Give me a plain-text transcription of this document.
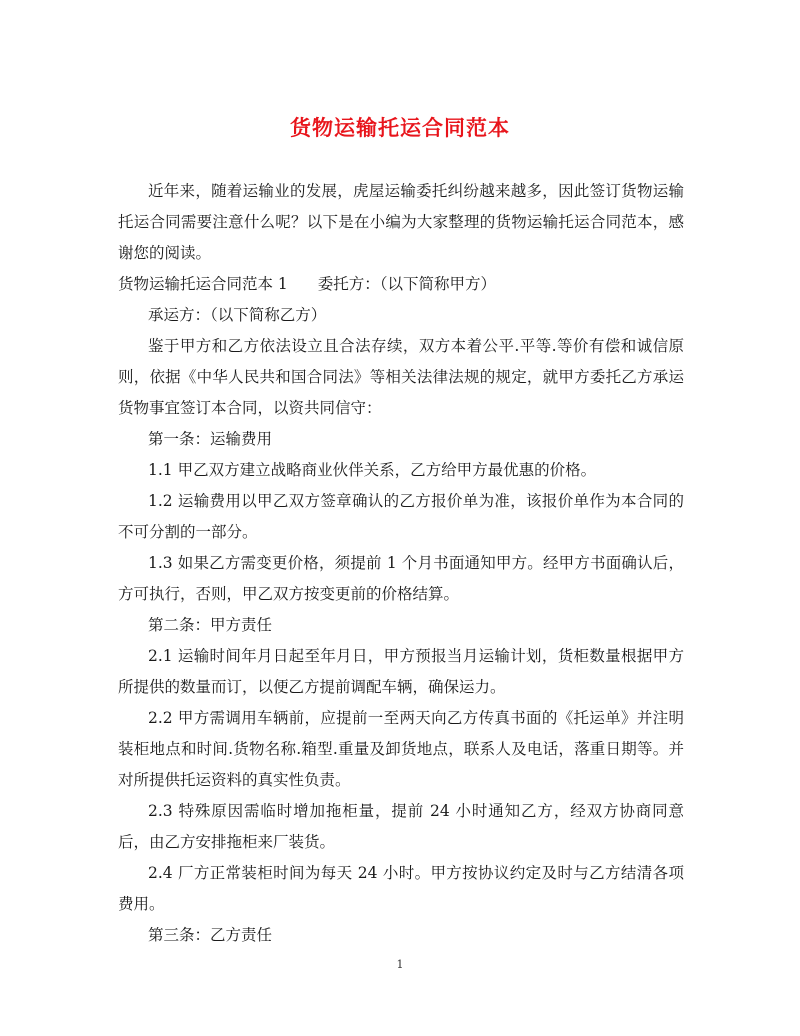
货物运输托运合同范本

近年来，随着运输业的发展，虎屋运输委托纠纷越来越多，因此签订货物运输托运合同需要注意什么呢？以下是在小编为大家整理的货物运输托运合同范本，感谢您的阅读。

货物运输托运合同范本 1 委托方：（以下简称甲方）

承运方：（以下简称乙方）

鉴于甲方和乙方依法设立且合法存续，双方本着公平.平等.等价有偿和诚信原则，依据《中华人民共和国合同法》等相关法律法规的规定，就甲方委托乙方承运货物事宜签订本合同，以资共同信守：

第一条：运输费用

1.1 甲乙双方建立战略商业伙伴关系，乙方给甲方最优惠的价格。

1.2 运输费用以甲乙双方签章确认的乙方报价单为准，该报价单作为本合同的不可分割的一部分。

1.3 如果乙方需变更价格，须提前 1 个月书面通知甲方。经甲方书面确认后，方可执行，否则，甲乙双方按变更前的价格结算。

第二条：甲方责任

2.1 运输时间年月日起至年月日，甲方预报当月运输计划，货柜数量根据甲方所提供的数量而订，以便乙方提前调配车辆，确保运力。

2.2 甲方需调用车辆前，应提前一至两天向乙方传真书面的《托运单》并注明装柜地点和时间.货物名称.箱型.重量及卸货地点，联系人及电话，落重日期等。并对所提供托运资料的真实性负责。

2.3 特殊原因需临时增加拖柜量，提前 24 小时通知乙方，经双方协商同意后，由乙方安排拖柜来厂装货。

2.4 厂方正常装柜时间为每天 24 小时。甲方按协议约定及时与乙方结清各项费用。

第三条：乙方责任

1
